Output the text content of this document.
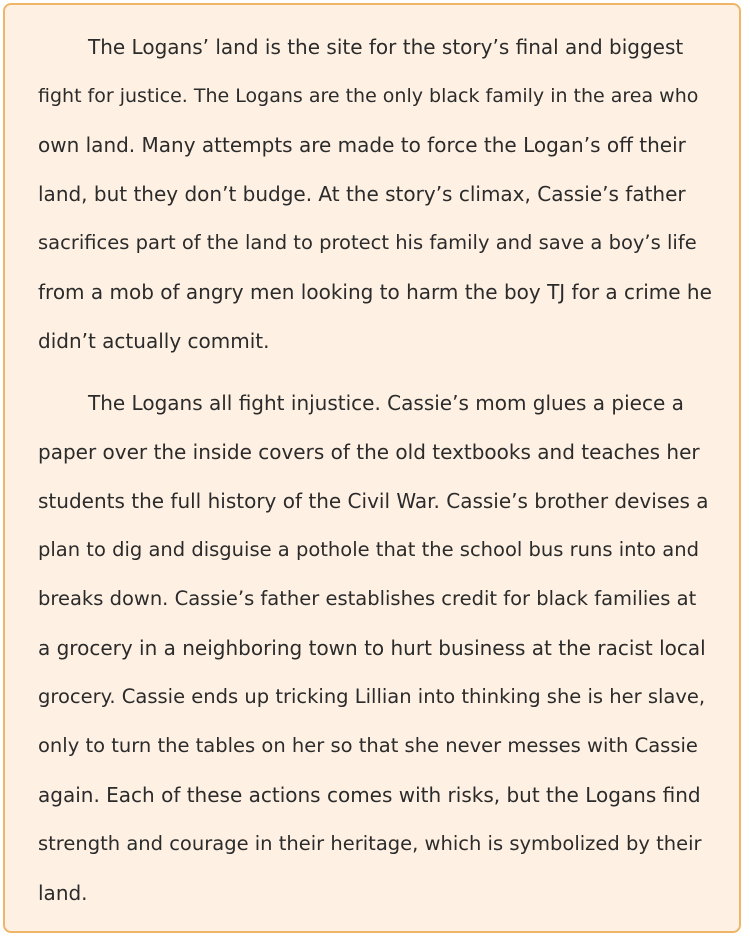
The Logans’ land is the site for the story’s final and biggest
fight for justice. The Logans are the only black family in the area who
own land. Many attempts are made to force the Logan’s off their
land, but they don’t budge. At the story’s climax, Cassie’s father
sacrifices part of the land to protect his family and save a boy’s life
from a mob of angry men looking to harm the boy TJ for a crime he
didn’t actually commit.
The Logans all fight injustice. Cassie’s mom glues a piece a
paper over the inside covers of the old textbooks and teaches her
students the full history of the Civil War. Cassie’s brother devises a
plan to dig and disguise a pothole that the school bus runs into and
breaks down. Cassie’s father establishes credit for black families at
a grocery in a neighboring town to hurt business at the racist local
grocery. Cassie ends up tricking Lillian into thinking she is her slave,
only to turn the tables on her so that she never messes with Cassie
again. Each of these actions comes with risks, but the Logans find
strength and courage in their heritage, which is symbolized by their
land.
